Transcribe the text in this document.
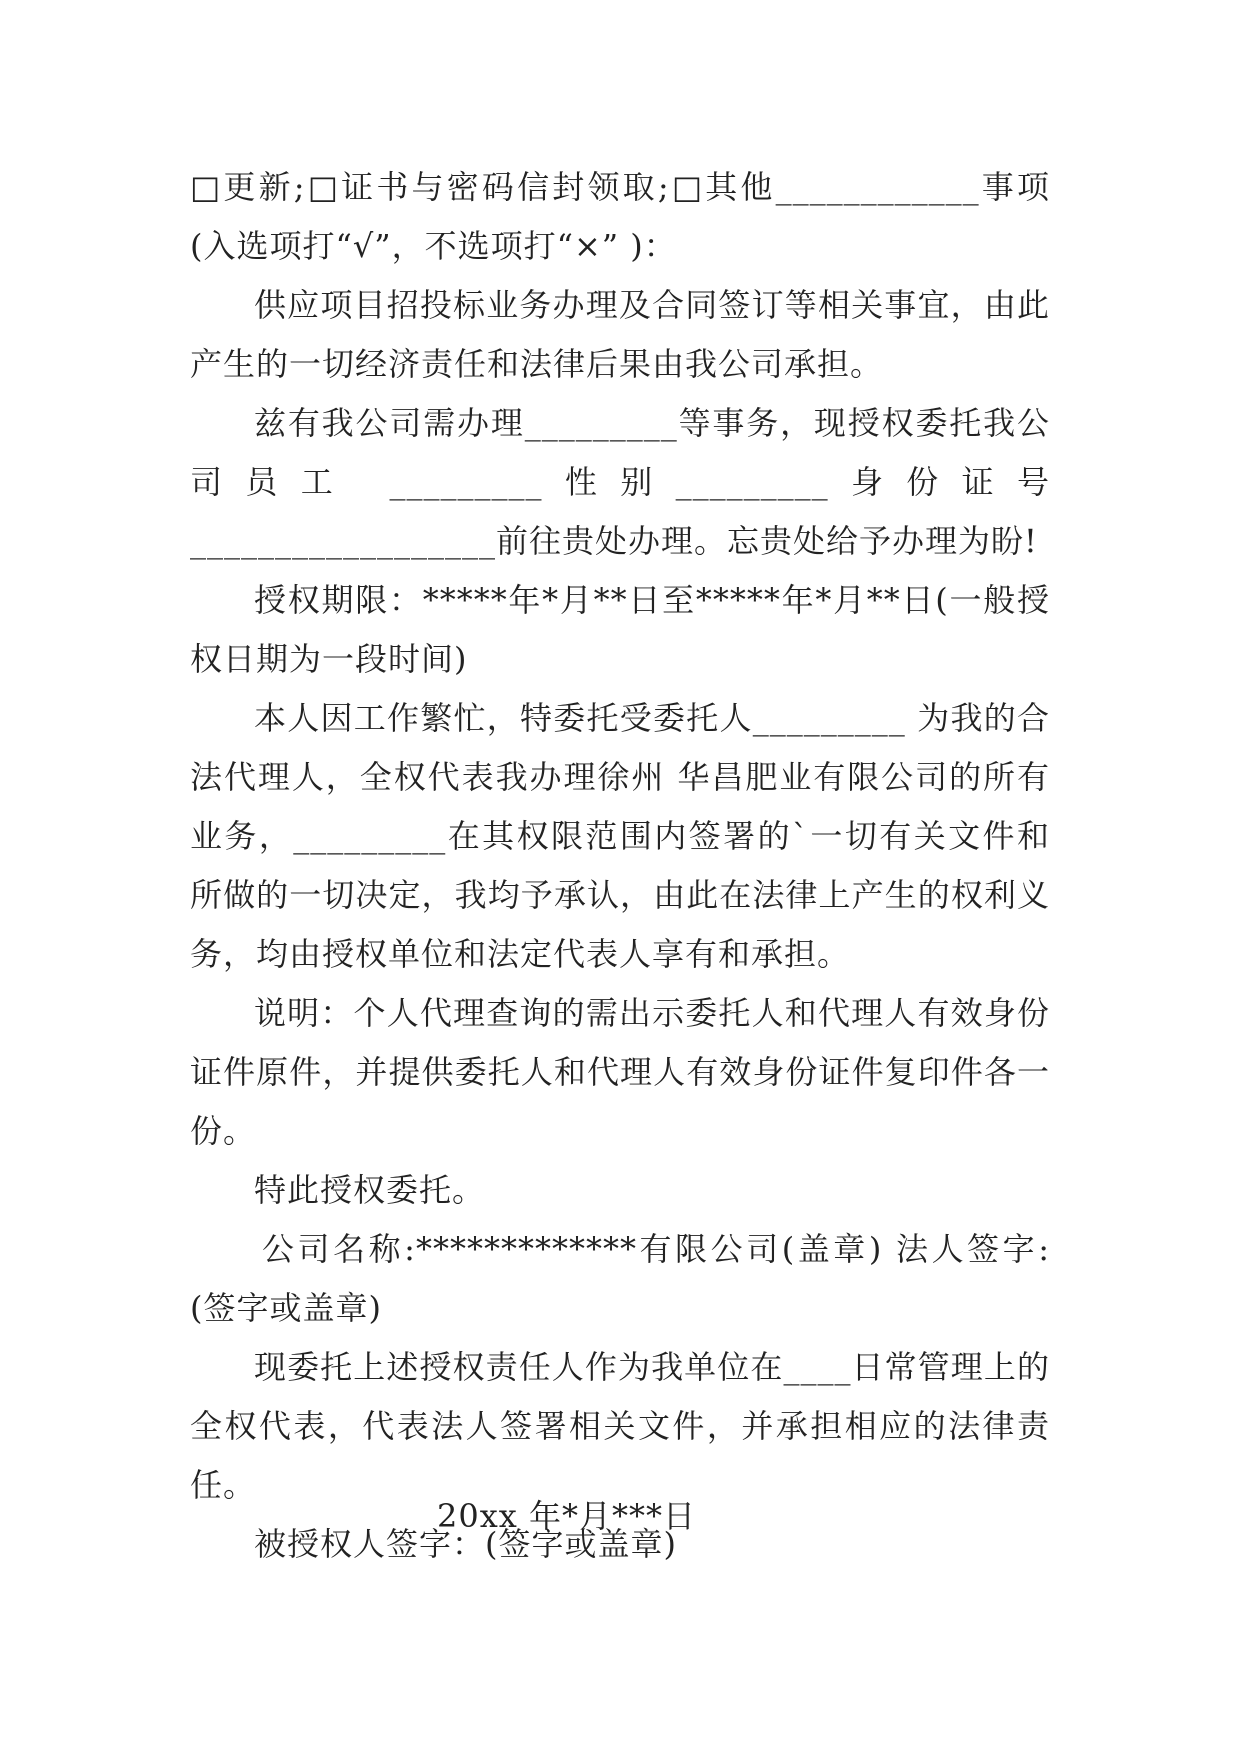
□更新;□证书与密码信封领取;□其他____________事项(入选项打“√”，不选项打“×” )：

供应项目招投标业务办理及合同签订等相关事宜，由此产生的一切经济责任和法律后果由我公司承担。

兹有我公司需办理_________等事务，现授权委托我公司员工 _________性别_________身份证号__________________前往贵处办理。忘贵处给予办理为盼!

授权期限：*****年*月**日至*****年*月**日(一般授权日期为一段时间)

本人因工作繁忙，特委托受委托人_________ 为我的合法代理人，全权代表我办理徐州 华昌肥业有限公司的所有业务，_________在其权限范围内签署的`一切有关文件和所做的一切决定，我均予承认，由此在法律上产生的权利义务，均由授权单位和法定代表人享有和承担。

说明：个人代理查询的需出示委托人和代理人有效身份证件原件，并提供委托人和代理人有效身份证件复印件各一份。

特此授权委托。

公司名称:*************有限公司(盖章) 法人签字:(签字或盖章)

现委托上述授权责任人作为我单位在____日常管理上的全权代表，代表法人签署相关文件，并承担相应的法律责任。

被授权人签字：(签字或盖章)

20xx 年*月***日
